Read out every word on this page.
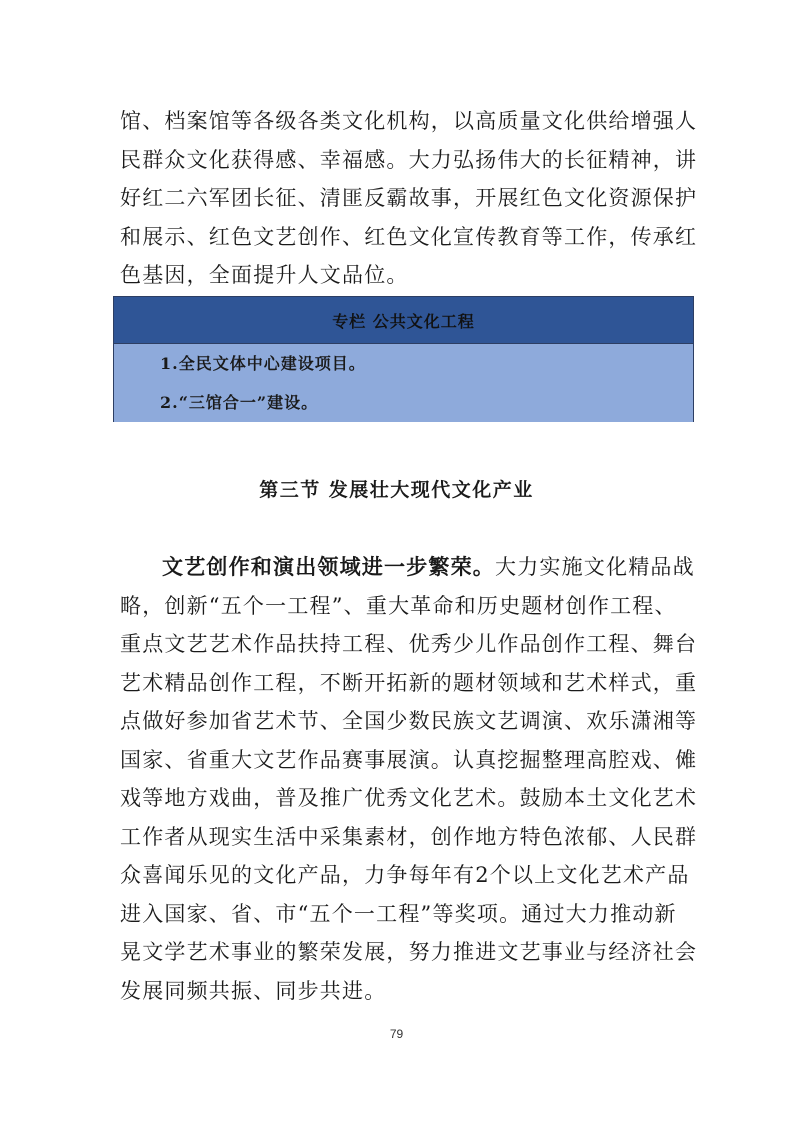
馆、档案馆等各级各类文化机构，以高质量文化供给增强人
民群众文化获得感、幸福感。大力弘扬伟大的长征精神，讲
好红二六军团长征、清匪反霸故事，开展红色文化资源保护
和展示、红色文艺创作、红色文化宣传教育等工作，传承红
色基因，全面提升人文品位。

专栏 公共文化工程
1.全民文体中心建设项目。
2.“三馆合一”建设。
第三节 发展壮大现代文化产业

文艺创作和演出领域进一步繁荣。大力实施文化精品战
略，创新“五个一工程”、重大革命和历史题材创作工程、
重点文艺艺术作品扶持工程、优秀少儿作品创作工程、舞台
艺术精品创作工程，不断开拓新的题材领域和艺术样式，重
点做好参加省艺术节、全国少数民族文艺调演、欢乐潇湘等
国家、省重大文艺作品赛事展演。认真挖掘整理高腔戏、傩
戏等地方戏曲，普及推广优秀文化艺术。鼓励本土文化艺术
工作者从现实生活中采集素材，创作地方特色浓郁、人民群
众喜闻乐见的文化产品，力争每年有2个以上文化艺术产品
进入国家、省、市“五个一工程”等奖项。通过大力推动新
晃文学艺术事业的繁荣发展，努力推进文艺事业与经济社会
发展同频共振、同步共进。

79
